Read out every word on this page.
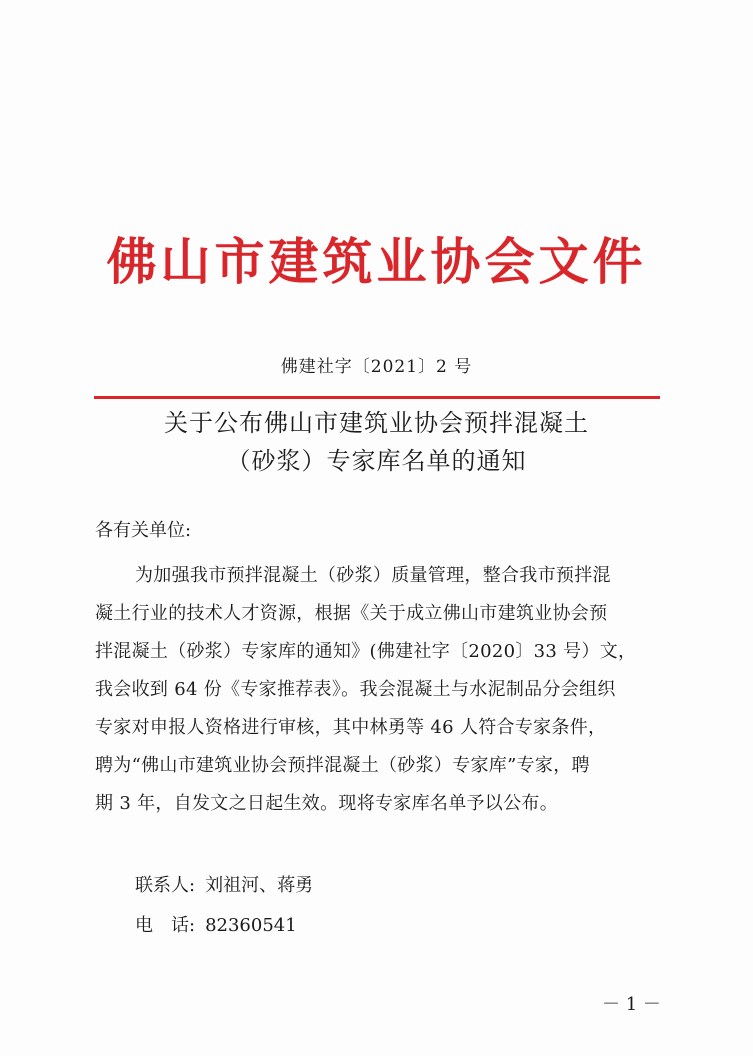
佛山市建筑业协会文件
佛建社字〔2021〕2 号
关于公布佛山市建筑业协会预拌混凝土
（砂浆）专家库名单的通知
各有关单位:
为加强我市预拌混凝土（砂浆）质量管理，整合我市预拌混
凝土行业的技术人才资源，根据《关于成立佛山市建筑业协会预
拌混凝土（砂浆）专家库的通知》(佛建社字〔2020〕33 号）文，
我会收到 64 份《专家推荐表》。我会混凝土与水泥制品分会组织
专家对申报人资格进行审核，其中林勇等 46 人符合专家条件，
聘为“佛山市建筑业协会预拌混凝土（砂浆）专家库”专家，聘
期 3 年，自发文之日起生效。现将专家库名单予以公布。
联系人: 刘祖河、蒋勇
电　话: 82360541
－ 1 －
